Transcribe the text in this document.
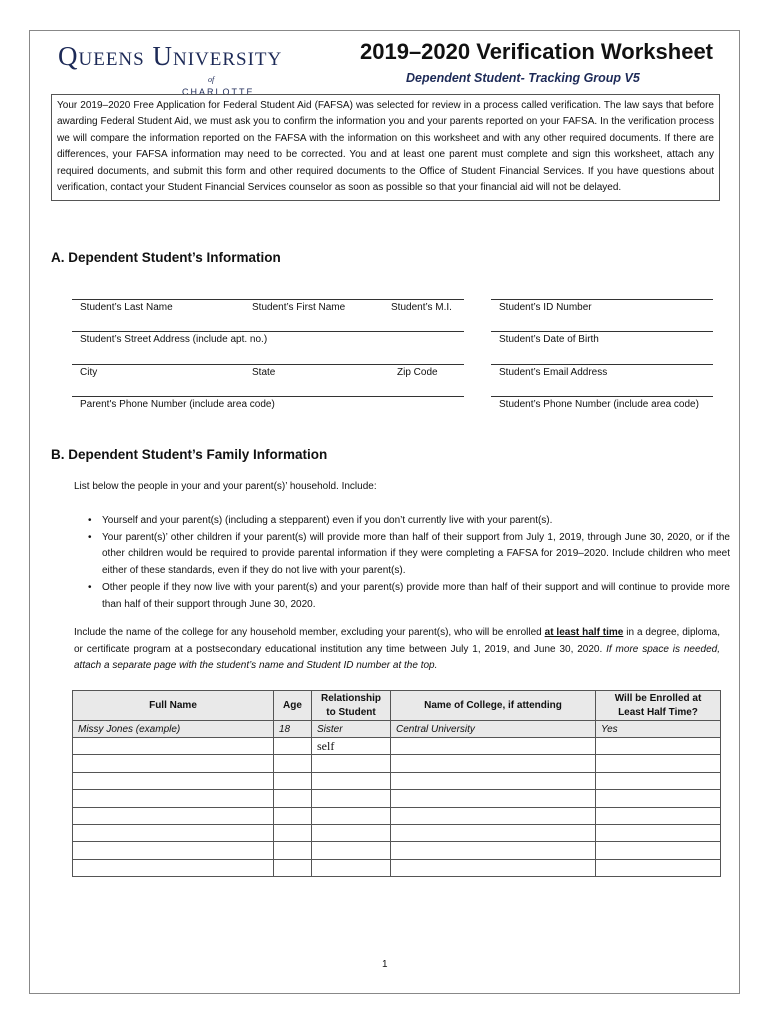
Queens University
of
CHARLOTTE
2019–2020 Verification Worksheet
Dependent Student- Tracking Group V5
Your 2019–2020 Free Application for Federal Student Aid (FAFSA) was selected for review in a process called verification. The law says that before awarding Federal Student Aid, we must ask you to confirm the information you and your parents reported on your FAFSA. In the verification process we will compare the information reported on the FAFSA with the information on this worksheet and with any other required documents. If there are differences, your FAFSA information may need to be corrected. You and at least one parent must complete and sign this worksheet, attach any required documents, and submit this form and other required documents to the Office of Student Financial Services. If you have questions about verification, contact your Student Financial Services counselor as soon as possible so that your financial aid will not be delayed.
A. Dependent Student’s Information
Student’s Last Name	Student’s First Name	Student’s M.I.	Student’s ID Number
Student’s Street Address (include apt. no.)	Student’s Date of Birth
City	State	Zip Code	Student’s Email Address
Parent's Phone Number (include area code)	Student’s Phone Number (include area code)
B. Dependent Student’s Family Information
List below the people in your and your parent(s)’ household. Include:
• Yourself and your parent(s) (including a stepparent) even if you don’t currently live with your parent(s).
• Your parent(s)’ other children if your parent(s) will provide more than half of their support from July 1, 2019, through June 30, 2020, or if the other children would be required to provide parental information if they were completing a FAFSA for 2019–2020. Include children who meet either of these standards, even if they do not live with your parent(s).
• Other people if they now live with your parent(s) and your parent(s) provide more than half of their support and will continue to provide more than half of their support through June 30, 2020.
Include the name of the college for any household member, excluding your parent(s), who will be enrolled at least half time in a degree, diploma, or certificate program at a postsecondary educational institution any time between July 1, 2019, and June 30, 2020. If more space is needed, attach a separate page with the student’s name and Student ID number at the top.
Full Name	Age	Relationship to Student	Name of College, if attending	Will be Enrolled at Least Half Time?
Missy Jones (example)	18	Sister	Central University	Yes
		self		

1
